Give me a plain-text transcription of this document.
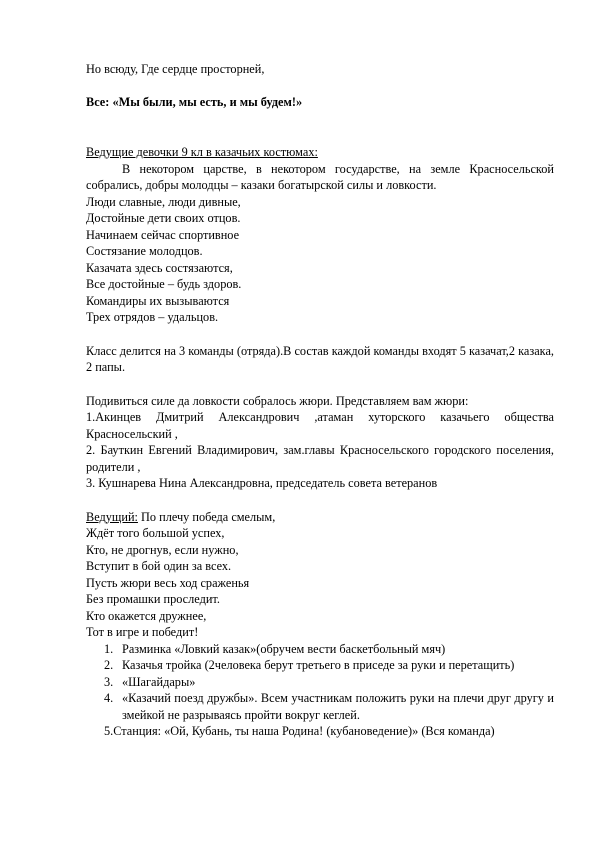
Но всюду, Где сердце просторней,
Все: «Мы были, мы есть, и мы будем!»
Ведущие девочки 9 кл в казачьих костюмах:
В некотором царстве, в некотором государстве, на земле Красносельской собрались, добры молодцы – казаки богатырской силы и ловкости.
Люди славные, люди дивные,
Достойные дети своих отцов.
Начинаем сейчас спортивное
Состязание молодцов.
Казачата здесь состязаются,
Все достойные – будь здоров.
Командиры их вызываются
Трех отрядов – удальцов.
Класс делится на 3 команды (отряда).В состав каждой команды входят 5 казачат,2 казака, 2 папы.
Подивиться силе да ловкости собралось жюри. Представляем вам жюри:
1.Акинцев Дмитрий Александрович ,атаман хуторского казачьего общества Красносельский ,
2. Бауткин Евгений Владимирович, зам.главы Красносельского городского поселения, родители ,
3. Кушнарева Нина Александровна, председатель совета ветеранов
Ведущий: По плечу победа смелым,
Ждёт того большой успех,
Кто, не дрогнув, если нужно,
Вступит в бой один за всех.
Пусть жюри весь ход сраженья
Без промашки проследит.
Кто окажется дружнее,
Тот в игре и победит!
1. Разминка «Ловкий казак»(обручем вести баскетбольный мяч)
2. Казачья тройка (2человека берут третьего в приседе за руки и перетащить)
3. «Шагайдары»
4. «Казачий поезд дружбы». Всем участникам положить руки на плечи друг другу и змейкой не разрываясь пройти вокруг кеглей.
5.Станция: «Ой, Кубань, ты наша Родина! (кубановедение)» (Вся команда)
